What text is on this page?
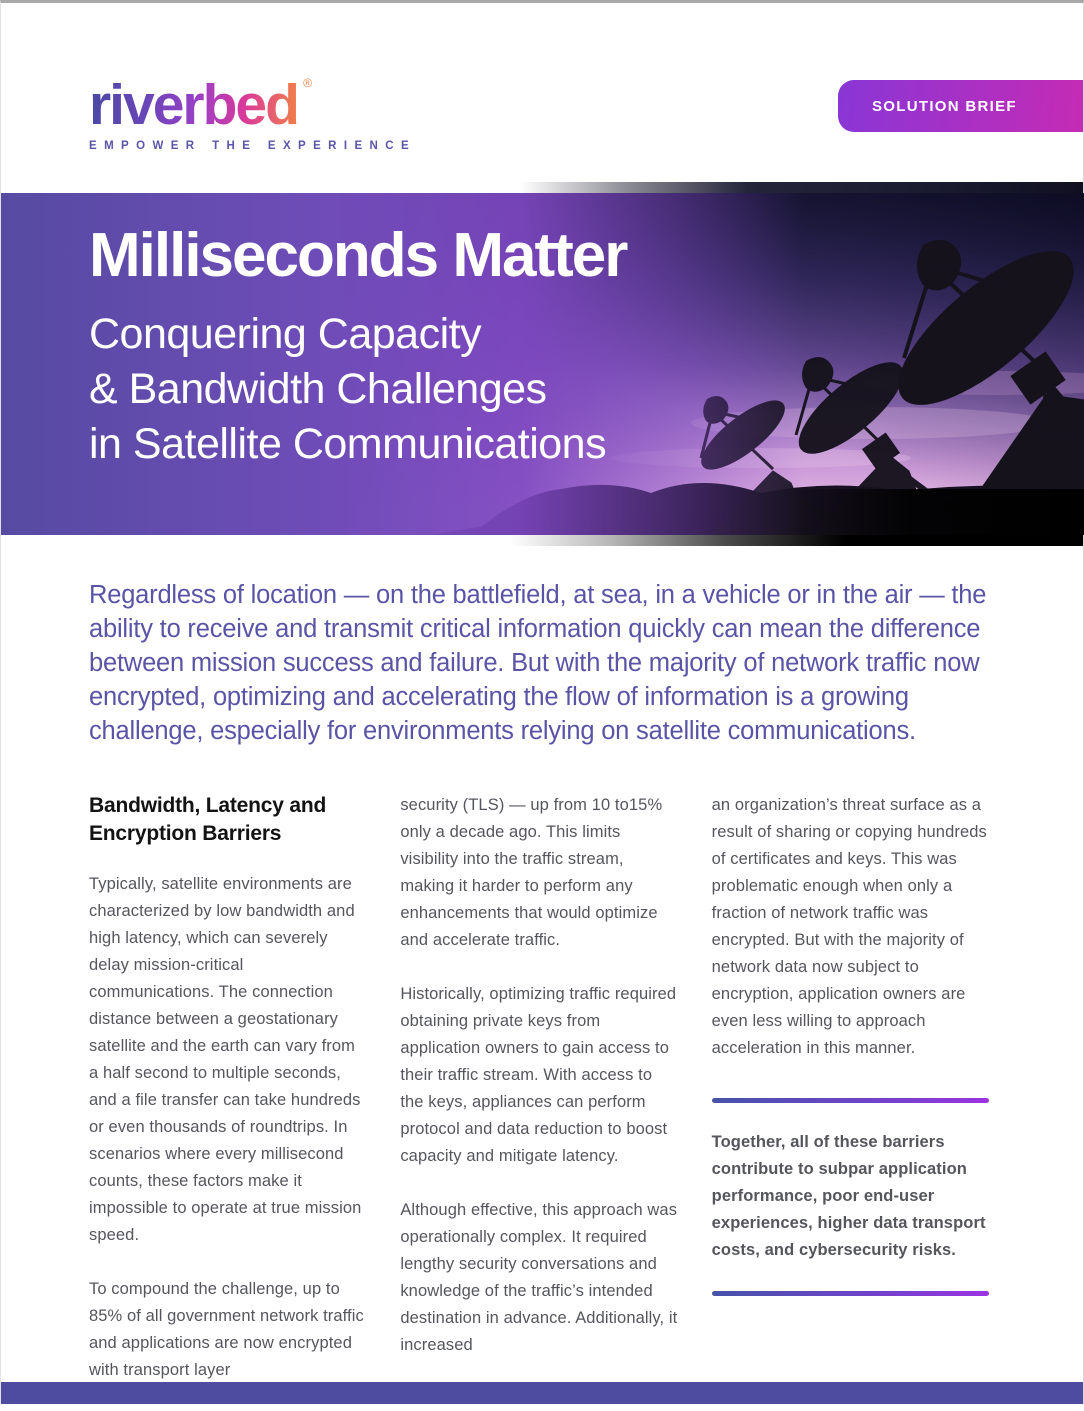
riverbed ®
EMPOWER THE EXPERIENCE
SOLUTION BRIEF
Milliseconds Matter
Conquering Capacity
& Bandwidth Challenges
in Satellite Communications

Regardless of location — on the battlefield, at sea, in a vehicle or in the air — the ability to receive and transmit critical information quickly can mean the difference between mission success and failure. But with the majority of network traffic now encrypted, optimizing and accelerating the flow of information is a growing challenge, especially for environments relying on satellite communications.

Bandwidth, Latency and Encryption Barriers

Typically, satellite environments are characterized by low bandwidth and high latency, which can severely delay mission-critical communications. The connection distance between a geostationary satellite and the earth can vary from a half second to multiple seconds, and a file transfer can take hundreds or even thousands of roundtrips. In scenarios where every millisecond counts, these factors make it impossible to operate at true mission speed.

To compound the challenge, up to 85% of all government network traffic and applications are now encrypted with transport layer

security (TLS) — up from 10 to15% only a decade ago. This limits visibility into the traffic stream, making it harder to perform any enhancements that would optimize and accelerate traffic.

Historically, optimizing traffic required obtaining private keys from application owners to gain access to their traffic stream. With access to the keys, appliances can perform protocol and data reduction to boost capacity and mitigate latency.

Although effective, this approach was operationally complex. It required lengthy security conversations and knowledge of the traffic’s intended destination in advance. Additionally, it increased

an organization’s threat surface as a result of sharing or copying hundreds of certificates and keys. This was problematic enough when only a fraction of network traffic was encrypted. But with the majority of network data now subject to encryption, application owners are even less willing to approach acceleration in this manner.

Together, all of these barriers contribute to subpar application performance, poor end-user experiences, higher data transport costs, and cybersecurity risks.
